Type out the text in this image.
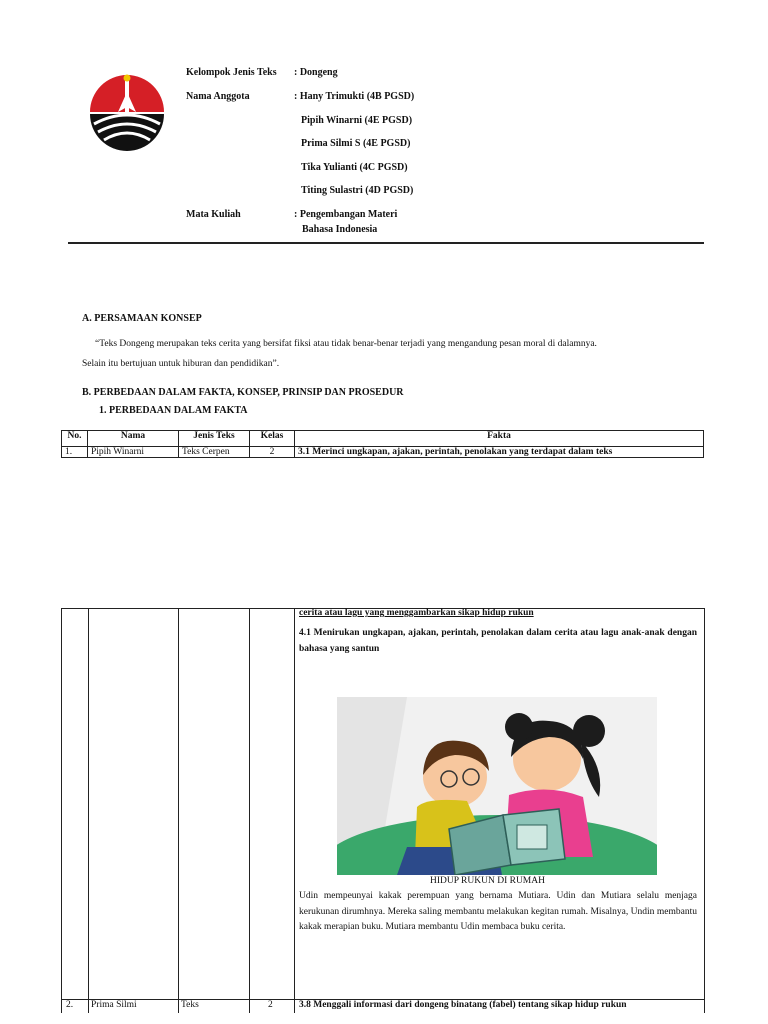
Kelompok Jenis Teks : Dongeng
Nama Anggota	: Hany Trimukti (4B PGSD)
Pipih Winarni (4E PGSD)
Prima Silmi S (4E PGSD)
Tika Yulianti (4C PGSD)
Titing Sulastri (4D PGSD)
Mata Kuliah	: Pengembangan Materi
Bahasa Indonesia
A. PERSAMAAN KONSEP
“Teks Dongeng merupakan teks cerita yang bersifat fiksi atau tidak benar-benar terjadi yang mengandung pesan moral di dalamnya.
Selain itu bertujuan untuk hiburan dan pendidikan”.
B. PERBEDAAN DALAM FAKTA, KONSEP, PRINSIP DAN PROSEDUR
1. PERBEDAAN DALAM FAKTA
No.	Nama	Jenis Teks	Kelas	Fakta
1.	Pipih Winarni	Teks Cerpen	2	3.1 Merinci ungkapan, ajakan, perintah, penolakan yang terdapat dalam teks
cerita atau lagu yang menggambarkan sikap hidup rukun
4.1 Menirukan ungkapan, ajakan, perintah, penolakan dalam cerita atau lagu anak-anak dengan bahasa yang santun
HIDUP RUKUN DI RUMAH
Udin mempeunyai kakak perempuan yang bernama Mutiara. Udin dan Mutiara selalu menjaga kerukunan dirumhnya. Mereka saling membantu melakukan kegitan rumah. Misalnya, Undin membantu kakak merapian buku. Mutiara membantu Udin membaca buku cerita.
2. Prima Silmi	Teks	2	3.8 Menggali informasi dari dongeng binatang (fabel) tentang sikap hidup rukun
